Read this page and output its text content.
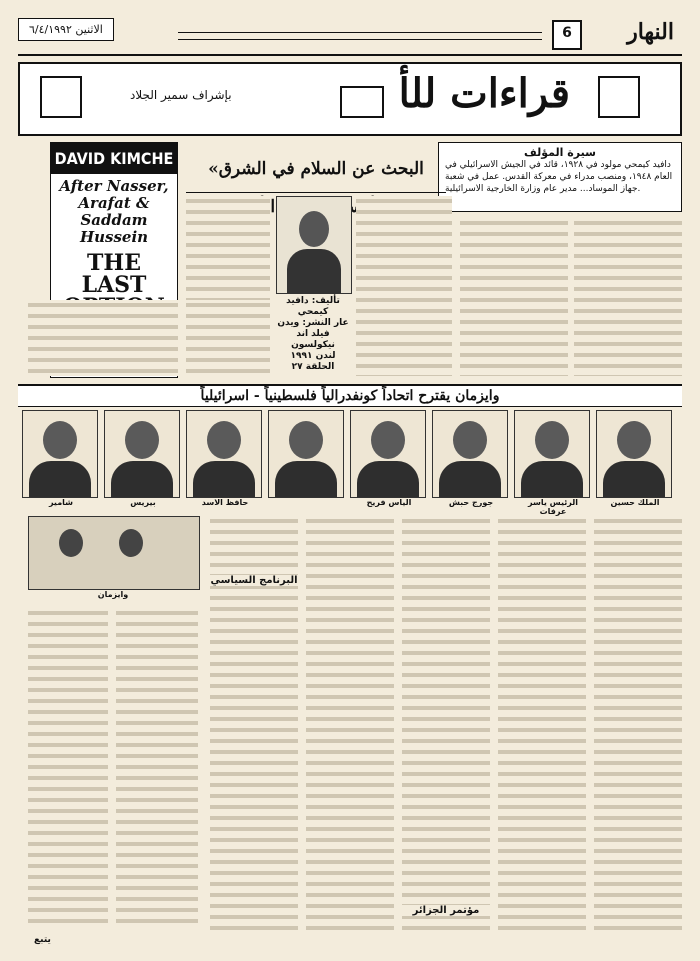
النهار
6
الاثنين ٦/٤/١٩٩٢
قراءات للأ
بإشراف سمير الجلاد
سيرة المؤلف
دافيد كيمحي مولود في ١٩٢٨، قائد في الجيش الاسرائيلي في العام ١٩٤٨، ومنصب مدراء في معركة القدس. عمل في شعبة جهاز الموساد... مدير عام وزارة الخارجية الاسرائيلية.
DAVID KIMCHE
After Nasser, Arafat & Saddam Hussein
THE LAST
«البحث عن السلام في الشرق
تأليف: دافيد كيمحي
عار النشر: ويدن فيلد اند نيكولسون
لندن ١٩٩١
الحلقة ٢٧
وايزمان يقترح اتحاداً كونفدرالياً فلسطينياً - اسرائيلياً
الملك حسين
الرئيس ياسر عرفات
جورج حبش
الياس فريح
حافظ الاسد
بيريس
شامير
وايزمان
البرنامج السياسي
مؤتمر الجزائر
يتبع
